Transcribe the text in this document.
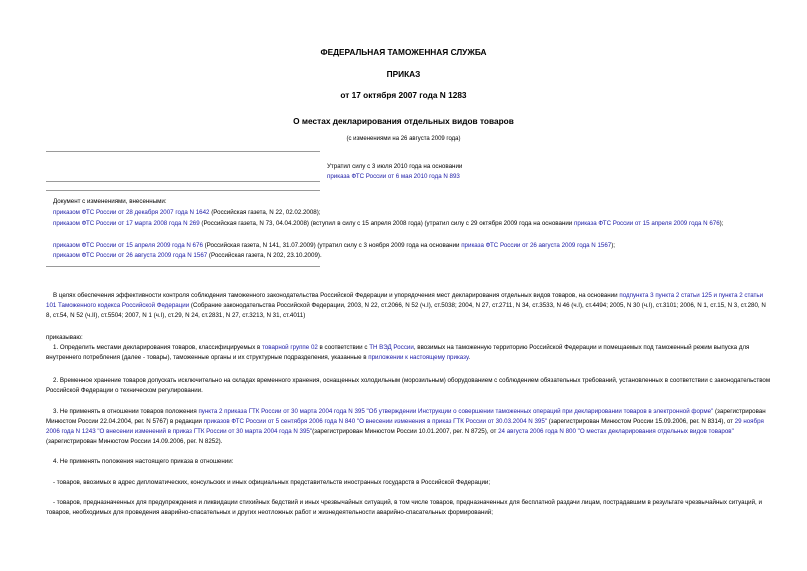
ФЕДЕРАЛЬНАЯ ТАМОЖЕННАЯ СЛУЖБА
ПРИКАЗ
от 17 октября 2007 года N 1283
О местах декларирования отдельных видов товаров
(с изменениями на 26 августа 2009 года)
Утратил силу с 3 июля 2010 года на основании
приказа ФТС России от 6 мая 2010 года N 893
Документ с изменениями, внесенными:
приказом ФТС России от 28 декабря 2007 года N 1642 (Российская газета, N 22, 02.02.2008);
приказом ФТС России от 17 марта 2008 года N 269 (Российская газета, N 73, 04.04.2008) (вступил в силу с 15 апреля 2008 года) (утратил силу с 29 октября 2009 года на основании приказа ФТС России от 15 апреля 2009 года N 676);
приказом ФТС России от 15 апреля 2009 года N 676 (Российская газета, N 141, 31.07.2009) (утратил силу с 3 ноября 2009 года на основании приказа ФТС России от 26 августа 2009 года N 1567);
приказом ФТС России от 26 августа 2009 года N 1567 (Российская газета, N 202, 23.10.2009).
В целях обеспечения эффективности контроля соблюдения таможенного законодательства Российской Федерации и упорядочения мест декларирования отдельных видов товаров, на основании подпункта 3 пункта 2 статьи 125 и пункта 2 статьи 101 Таможенного кодекса Российской Федерации (Собрание законодательства Российской Федерации, 2003, N 22, ст.2066, N 52 (ч.I), ст.5038; 2004, N 27, ст.2711, N 34, ст.3533, N 46 (ч.I), ст.4494; 2005, N 30 (ч.I), ст.3101; 2006, N 1, ст.15, N 3, ст.280, N 8, ст.54, N 52 (ч.II), ст.5504; 2007, N 1 (ч.I), ст.29, N 24, ст.2831, N 27, ст.3213, N 31, ст.4011)
приказываю:
1. Определить местами декларирования товаров, классифицируемых в товарной группе 02 в соответствии с ТН ВЭД России, ввозимых на таможенную территорию Российской Федерации и помещаемых под таможенный режим выпуска для внутреннего потребления (далее - товары), таможенные органы и их структурные подразделения, указанные в приложении к настоящему приказу.
2. Временное хранение товаров допускать исключительно на складах временного хранения, оснащенных холодильным (морозильным) оборудованием с соблюдением обязательных требований, установленных в соответствии с законодательством Российской Федерации о техническом регулировании.
3. Не применять в отношении товаров положения пункта 2 приказа ГТК России от 30 марта 2004 года N 395 "Об утверждении Инструкции о совершении таможенных операций при декларировании товаров в электронной форме" (зарегистрирован Минюстом России 22.04.2004, рег. N 5767) в редакции приказов ФТС России от 5 сентября 2006 года N 840 "О внесении изменения в приказ ГТК России от 30.03.2004 N 395" (зарегистрирован Минюстом России 15.09.2006, рег. N 8314), от 29 ноября 2006 года N 1243 "О внесении изменений в приказ ГТК России от 30 марта 2004 года N 395"(зарегистрирован Минюстом России 10.01.2007, рег. N 8725), от 24 августа 2006 года N 800 "О местах декларирования отдельных видов товаров" (зарегистрирован Минюстом России 14.09.2006, рег. N 8252).
4. Не применять положения настоящего приказа в отношении:
- товаров, ввозимых в адрес дипломатических, консульских и иных официальных представительств иностранных государств в Российской Федерации;
- товаров, предназначенных для предупреждения и ликвидации стихийных бедствий и иных чрезвычайных ситуаций, в том числе товаров, предназначенных для бесплатной раздачи лицам, пострадавшим в результате чрезвычайных ситуаций, и товаров, необходимых для проведения аварийно-спасательных и других неотложных работ и жизнедеятельности аварийно-спасательных формирований;
